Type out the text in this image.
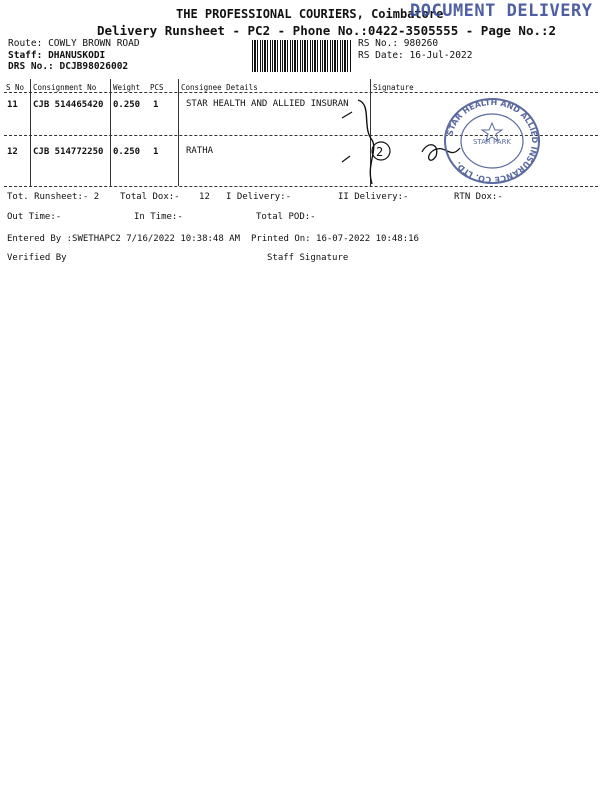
THE PROFESSIONAL COURIERS, Coimbatore
DOCUMENT DELIVERY
Delivery Runsheet - PC2 - Phone No.:0422-3505555 - Page No.:2
Route: COWLY BROWN ROAD
Staff: DHANUSKODI
DRS No.: DCJB98026002
RS No.: 980260
RS Date: 16-Jul-2022
S No Consignment No Weight PCS Consignee Details	Signature
11 CJB 514465420 0.250 1	STAR HEALTH AND ALLIED INSURAN
12 CJB 514772250 0.250 1	RATHA	2
STAR HEALTH AND ALLIED INSURANCE CO. LTD.
STAR PARK
Tot. Runsheet:- 2 Total Dox:- 12 I Delivery:-	II Delivery:-	RTN Dox:-
Out Time:-	In Time:-	Total POD:-
Entered By :SWETHAPC2 7/16/2022 10:38:48 AM Printed On: 16-07-2022 10:48:16
Verified By	Staff Signature
